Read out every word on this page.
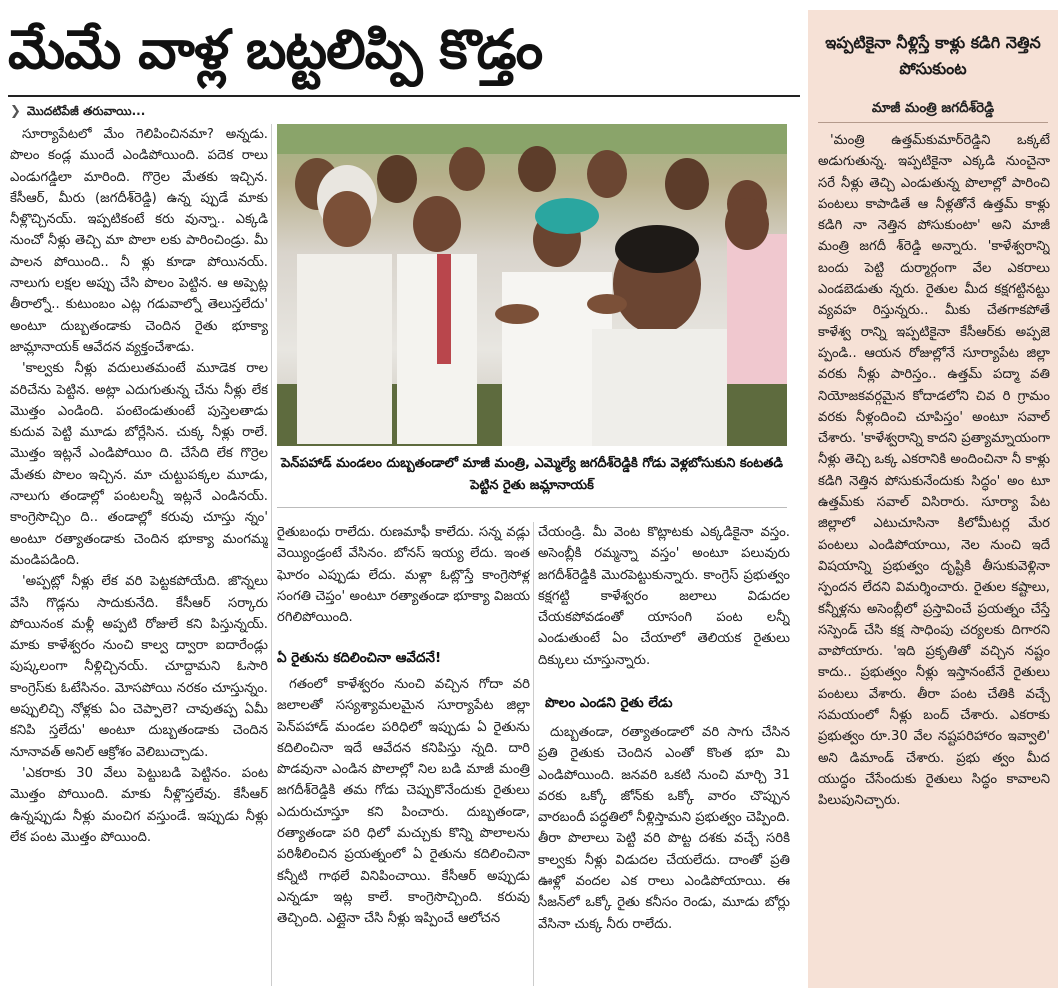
మేమే వాళ్ల బట్టలిప్పి కొడ్తం
❯ మొదటిపేజీ తరువాయి...

సూర్యాపేటలో మేం గెలిపించినమా? అన్నడు. పొలం కండ్ల ముందే ఎండిపోయింది. పదెక రాలు ఎండుగడ్డిలా మారింది. గొర్రెల మేతకు ఇచ్చిన. కేసీఆర్, మీరు (జగదీశ్‌రెడ్డి) ఉన్న ప్పుడే మాకు నీళ్లొచ్చినయ్. ఇప్పటికంటే కరు వున్నా.. ఎక్కడి నుంచో నీళ్లు తెచ్చి మా పొలా లకు పారించిండ్రు. మీ పాలన పోయింది.. నీ ళ్లు కూడా పోయినయ్. నాలుగు లక్షల అప్పు చేసి పొలం పెట్టిన. ఆ అప్పెట్ల తీరాల్నో.. కుటుంబం ఎట్ల గడువాల్నో తెలుస్తలేదు' అంటూ దుబ్బతండాకు చెందిన రైతు భూక్యా జామ్లానాయక్ ఆవేదన వ్యక్తంచేశాడు.

'కాల్వకు నీళ్లు వదులుతమంటే మూడెక రాల వరిచేను పెట్టిన. అట్లా ఎదుగుతున్న చేను నీళ్లు లేక మొత్తం ఎండింది. పంటెండుతుంటే పుస్తెలతాడు కుదువ పెట్టి మూడు బోర్లేసిన. చుక్క నీళ్లు రాలే. మొత్తం ఇట్లనే ఎండిపోయిం ది. చేసేది లేక గొర్రెల మేతకు పొలం ఇచ్చిన. మా చుట్టుపక్కల మూడు, నాలుగు తండాల్లో పంటలన్నీ ఇట్లనే ఎండినయ్. కాంగ్రెసొచ్చిం ది.. తండాల్లో కరువు చూస్తు న్నం' అంటూ రత్యాతండాకు చెందిన భూక్యా మంగమ్మ మండిపడింది.

'అప్పట్లో నీళ్లు లేక వరి పెట్టకపోయేది. జొన్నలు వేసి గొడ్లను సాదుకునేది. కేసీఆర్ సర్కారు పోయినంక మళ్లీ అప్పటి రోజులే కని పిస్తున్నయ్. మాకు కాళేశ్వరం నుంచి కాల్వ ద్వారా ఐదారేండ్లు పుష్కలంగా నీళ్లిచ్చినయ్. చూద్దామని ఓసారి కాంగ్రెస్‌కు ఓటేసినం. మోసపోయి నరకం చూస్తున్నం. అప్పులిచ్చి నోళ్లకు ఏం చెప్పాలె? చావుతప్ప ఏమీ కనిపి స్తలేదు' అంటూ దుబ్బతండాకు చెందిన నూనావత్ అనిల్ ఆక్రోశం వెలిబుచ్చాడు.

'ఎకరాకు 30 వేలు పెట్టుబడి పెట్టినం. పంట మొత్తం పోయింది. మాకు నీళ్లొస్తలేవు. కేసీఆర్ ఉన్నప్పుడు నీళ్లు మంచిగ వస్తుండే. ఇప్పుడు నీళ్లు లేక పంట మొత్తం పోయింది.

పెన్‌పహాడ్ మండలం దుబ్బతండాలో మాజీ మంత్రి, ఎమ్మెల్యే జగదీశ్‌రెడ్డికి గోడు వెళ్లబోసుకుని కంటతడి పెట్టిన రైతు జమ్లానాయక్

రైతుబంధు రాలేదు. రుణమాఫీ కాలేదు. సన్న వడ్లు వెయ్యిండ్రంటే వేసినం. బోనస్ ఇయ్య లేదు. ఇంత ఘోరం ఎప్పుడు లేదు. మళ్లా ఓట్లొస్తే కాంగ్రెసోళ్ల సంగతి చెప్తం' అంటూ రత్యాతండా భూక్యా విజయ రగిలిపోయింది.

ఏ రైతును కదిలించినా ఆవేదనే!

గతంలో కాళేశ్వరం నుంచి వచ్చిన గోదా వరి జలాలతో సస్యశ్యామలమైన సూర్యాపేట జిల్లా పెన్‌పహాడ్ మండల పరిధిలో ఇప్పుడు ఏ రైతును కదిలించినా ఇదే ఆవేదన కనిపిస్తు న్నది. దారి పొడవునా ఎండిన పొలాల్లో నిల బడి మాజీ మంత్రి జగదీశ్‌రెడ్డికి తమ గోడు చెప్పుకొనేందుకు రైతులు ఎదురుచూస్తూ కని పించారు. దుబ్బతండా, రత్యాతండా పరి ధిలో మచ్చుకు కొన్ని పొలాలను పరిశీలించిన ప్రయత్నంలో ఏ రైతును కదిలించినా కన్నీటి గాథలే వినిపించాయి. కేసీఆర్ అప్పుడు ఎన్నడూ ఇట్ల కాలే. కాంగ్రెసొచ్చింది. కరువు తెచ్చింది. ఎట్లైనా చేసి నీళ్లు ఇప్పించే ఆలోచన

చేయండ్రి. మీ వెంట కొట్లాటకు ఎక్కడికైనా వస్తం. అసెంబ్లీకి రమ్మన్నా వస్తం' అంటూ పలువురు జగదీశ్‌రెడ్డికి మొరపెట్టుకున్నారు. కాంగ్రెస్ ప్రభుత్వం కక్షగట్టి కాళేశ్వరం జలాలు విడుదల చేయకపోవడంతో యాసంగి పంట లన్నీ ఎండుతుంటే ఏం చేయాలో తెలియక రైతులు దిక్కులు చూస్తున్నారు.

పొలం ఎండని రైతు లేడు

దుబ్బతండా, రత్యాతండాలో వరి సాగు చేసిన ప్రతి రైతుకు చెందిన ఎంతో కొంత భూ మి ఎండిపోయింది. జనవరి ఒకటి నుంచి మార్చి 31 వరకు ఒక్కో జోన్‌కు ఒక్కో వారం చొప్పున వారబందీ పద్ధతిలో నీళ్లిస్తామని ప్రభుత్వం చెప్పింది. తీరా పొలాలు పెట్టి వరి పొట్ట దశకు వచ్చే సరికి కాల్వకు నీళ్లు విడుదల చేయలేదు. దాంతో ప్రతి ఊళ్లో వందల ఎక రాలు ఎండిపోయాయి. ఈ సీజన్‌లో ఒక్కో రైతు కనీసం రెండు, మూడు బోర్లు వేసినా చుక్క నీరు రాలేదు.

ఇప్పటికైనా నీళ్లిస్తే కాళ్లు కడిగి నెత్తిన పోసుకుంట
మాజీ మంత్రి జగదీశ్‌రెడ్డి

'మంత్రి ఉత్తమ్‌కుమార్‌రెడ్డిని ఒక్కటే అడుగుతున్న. ఇప్పటికైనా ఎక్కడి నుంచైనా సరే నీళ్లు తెచ్చి ఎండుతున్న పొలాల్లో పారించి పంటలు కాపాడితే ఆ నీళ్లతోనే ఉత్తమ్ కాళ్లు కడిగి నా నెత్తిన పోసుకుంటా' అని మాజీ మంత్రి జగదీ శ్‌రెడ్డి అన్నారు. 'కాళేశ్వరాన్ని బందు పెట్టి దుర్మార్గంగా వేల ఎకరాలు ఎండబెడుతు న్నరు. రైతుల మీద కక్షగట్టినట్టు వ్యవహ రిస్తున్నరు.. మీకు చేతగాకపోతే కాళేశ్వ రాన్ని ఇప్పటికైనా కేసీఆర్‌కు అప్పజె ప్పండి.. ఆయన రోజుల్లోనే సూర్యాపేట జిల్లా వరకు నీళ్లు పారిస్తం.. ఉత్తమ్ పద్మా వతి నియోజకవర్గమైన కోదాడలోని చివ రి గ్రామం వరకు నీళ్లందించి చూపిస్తం' అంటూ సవాల్ చేశారు. 'కాళేశ్వరాన్ని కాదని ప్రత్యామ్నాయంగా నీళ్లు తెచ్చి ఒక్క ఎకరానికి అందించినా నీ కాళ్లు కడిగి నెత్తిన పోసుకునేందుకు సిద్ధం' అం టూ ఉత్తమ్‌కు సవాల్ విసిరారు. సూర్యా పేట జిల్లాలో ఎటుచూసినా కిలోమీటర్ల మేర పంటలు ఎండిపోయాయి, నెల నుంచి ఇదే విషయాన్ని ప్రభుత్వం దృష్టికి తీసుకువెళ్లినా స్పందన లేదని విమర్శించారు. రైతుల కష్టాలు, కన్నీళ్లను అసెంబ్లీలో ప్రస్తావించే ప్రయత్నం చేస్తే సస్పెండ్ చేసి కక్ష సాధింపు చర్యలకు దిగారని వాపోయారు. 'ఇది ప్రకృతితో వచ్చిన నష్టం కాదు.. ప్రభుత్వం నీళ్లు ఇస్తానంటేనే రైతులు పంటలు వేశారు. తీరా పంట చేతికి వచ్చే సమయంలో నీళ్లు బంద్ చేశారు. ఎకరాకు ప్రభుత్వం రూ.30 వేల నష్టపరిహారం ఇవ్వాలి' అని డిమాండ్ చేశారు. ప్రభు త్వం మీద యుద్ధం చేసేందుకు రైతులు సిద్ధం కావాలని పిలుపునిచ్చారు.
